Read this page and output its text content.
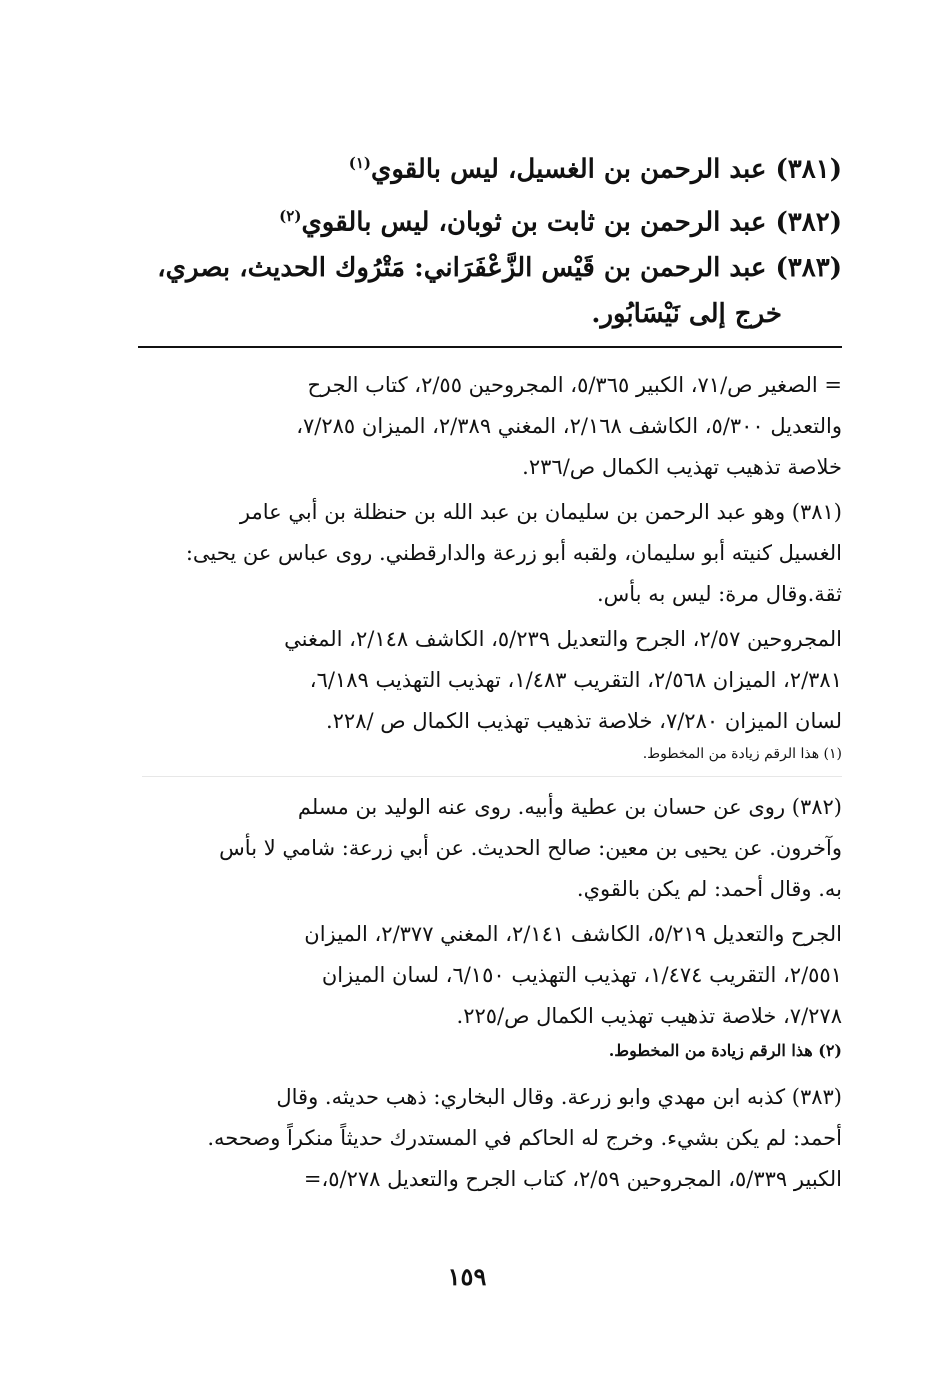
(٣٨١) عبد الرحمن بن الغسيل، ليس بالقوي$^{(١)}$
(٣٨٢) عبد الرحمن بن ثابت بن ثوبان، ليس بالقوي$^{(٢)}$
(٣٨٣) عبد الرحمن بن قَيْس الزَّعْفَرَاني: مَتْرُوك الحديث، بصري،
خرج إلى نَيْسَابُور.

= الصغير ص/٧١، الكبير ٥/٣٦٥، المجروحين ٢/٥٥، كتاب الجرح
والتعديل ٥/٣٠٠، الكاشف ٢/١٦٨، المغني ٢/٣٨٩، الميزان ٧/٢٨٥،
خلاصة تذهيب تهذيب الكمال ص/٢٣٦.

(٣٨١) وهو عبد الرحمن بن سليمان بن عبد الله بن حنظلة بن أبي عامر
الغسيل كنيته أبو سليمان، ولقبه أبو زرعة والدارقطني. روى عباس عن يحيى:
ثقة.وقال مرة: ليس به بأس.

المجروحين ٢/٥٧، الجرح والتعديل ٥/٢٣٩، الكاشف ٢/١٤٨، المغني
٢/٣٨١، الميزان ٢/٥٦٨، التقريب ١/٤٨٣، تهذيب التهذيب ٦/١٨٩،
لسان الميزان ٧/٢٨٠، خلاصة تذهيب تهذيب الكمال ص /٢٢٨.

(١) هذا الرقم زيادة من المخطوط.

(٣٨٢) روى عن حسان بن عطية وأبيه. روى عنه الوليد بن مسلم
وآخرون. عن يحيى بن معين: صالح الحديث. عن أبي زرعة: شامي لا بأس
به. وقال أحمد: لم يكن بالقوي.

الجرح والتعديل ٥/٢١٩، الكاشف ٢/١٤١، المغني ٢/٣٧٧، الميزان
٢/٥٥١، التقريب ١/٤٧٤، تهذيب التهذيب ٦/١٥٠، لسان الميزان
٧/٢٧٨، خلاصة تذهيب تهذيب الكمال ص/٢٢٥.

(٢) هذا الرقم زيادة من المخطوط.

(٣٨٣) كذبه ابن مهدي وابو زرعة. وقال البخاري: ذهب حديثه. وقال
أحمد: لم يكن بشيء. وخرج له الحاكم في المستدرك حديثاً منكراً وصححه.
الكبير ٥/٣٣٩، المجروحين ٢/٥٩، كتاب الجرح والتعديل ٥/٢٧٨،=

١٥٩
